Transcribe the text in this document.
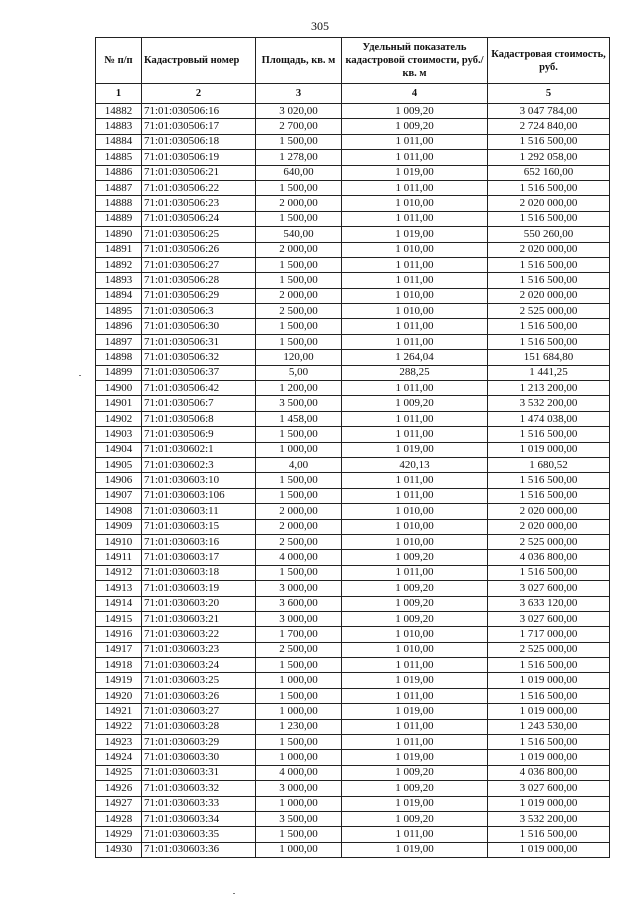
305
№ п/п	Кадастровый номер	Площадь, кв. м	Удельный показатель кадастровой стоимости, руб./кв. м	Кадастровая стоимость, руб.
1	2	3	4	5
14882	71:01:030506:16	3 020,00	1 009,20	3 047 784,00
14883	71:01:030506:17	2 700,00	1 009,20	2 724 840,00
14884	71:01:030506:18	1 500,00	1 011,00	1 516 500,00
14885	71:01:030506:19	1 278,00	1 011,00	1 292 058,00
14886	71:01:030506:21	640,00	1 019,00	652 160,00
14887	71:01:030506:22	1 500,00	1 011,00	1 516 500,00
14888	71:01:030506:23	2 000,00	1 010,00	2 020 000,00
14889	71:01:030506:24	1 500,00	1 011,00	1 516 500,00
14890	71:01:030506:25	540,00	1 019,00	550 260,00
14891	71:01:030506:26	2 000,00	1 010,00	2 020 000,00
14892	71:01:030506:27	1 500,00	1 011,00	1 516 500,00
14893	71:01:030506:28	1 500,00	1 011,00	1 516 500,00
14894	71:01:030506:29	2 000,00	1 010,00	2 020 000,00
14895	71:01:030506:3	2 500,00	1 010,00	2 525 000,00
14896	71:01:030506:30	1 500,00	1 011,00	1 516 500,00
14897	71:01:030506:31	1 500,00	1 011,00	1 516 500,00
14898	71:01:030506:32	120,00	1 264,04	151 684,80
14899	71:01:030506:37	5,00	288,25	1 441,25
14900	71:01:030506:42	1 200,00	1 011,00	1 213 200,00
14901	71:01:030506:7	3 500,00	1 009,20	3 532 200,00
14902	71:01:030506:8	1 458,00	1 011,00	1 474 038,00
14903	71:01:030506:9	1 500,00	1 011,00	1 516 500,00
14904	71:01:030602:1	1 000,00	1 019,00	1 019 000,00
14905	71:01:030602:3	4,00	420,13	1 680,52
14906	71:01:030603:10	1 500,00	1 011,00	1 516 500,00
14907	71:01:030603:106	1 500,00	1 011,00	1 516 500,00
14908	71:01:030603:11	2 000,00	1 010,00	2 020 000,00
14909	71:01:030603:15	2 000,00	1 010,00	2 020 000,00
14910	71:01:030603:16	2 500,00	1 010,00	2 525 000,00
14911	71:01:030603:17	4 000,00	1 009,20	4 036 800,00
14912	71:01:030603:18	1 500,00	1 011,00	1 516 500,00
14913	71:01:030603:19	3 000,00	1 009,20	3 027 600,00
14914	71:01:030603:20	3 600,00	1 009,20	3 633 120,00
14915	71:01:030603:21	3 000,00	1 009,20	3 027 600,00
14916	71:01:030603:22	1 700,00	1 010,00	1 717 000,00
14917	71:01:030603:23	2 500,00	1 010,00	2 525 000,00
14918	71:01:030603:24	1 500,00	1 011,00	1 516 500,00
14919	71:01:030603:25	1 000,00	1 019,00	1 019 000,00
14920	71:01:030603:26	1 500,00	1 011,00	1 516 500,00
14921	71:01:030603:27	1 000,00	1 019,00	1 019 000,00
14922	71:01:030603:28	1 230,00	1 011,00	1 243 530,00
14923	71:01:030603:29	1 500,00	1 011,00	1 516 500,00
14924	71:01:030603:30	1 000,00	1 019,00	1 019 000,00
14925	71:01:030603:31	4 000,00	1 009,20	4 036 800,00
14926	71:01:030603:32	3 000,00	1 009,20	3 027 600,00
14927	71:01:030603:33	1 000,00	1 019,00	1 019 000,00
14928	71:01:030603:34	3 500,00	1 009,20	3 532 200,00
14929	71:01:030603:35	1 500,00	1 011,00	1 516 500,00
14930	71:01:030603:36	1 000,00	1 019,00	1 019 000,00
